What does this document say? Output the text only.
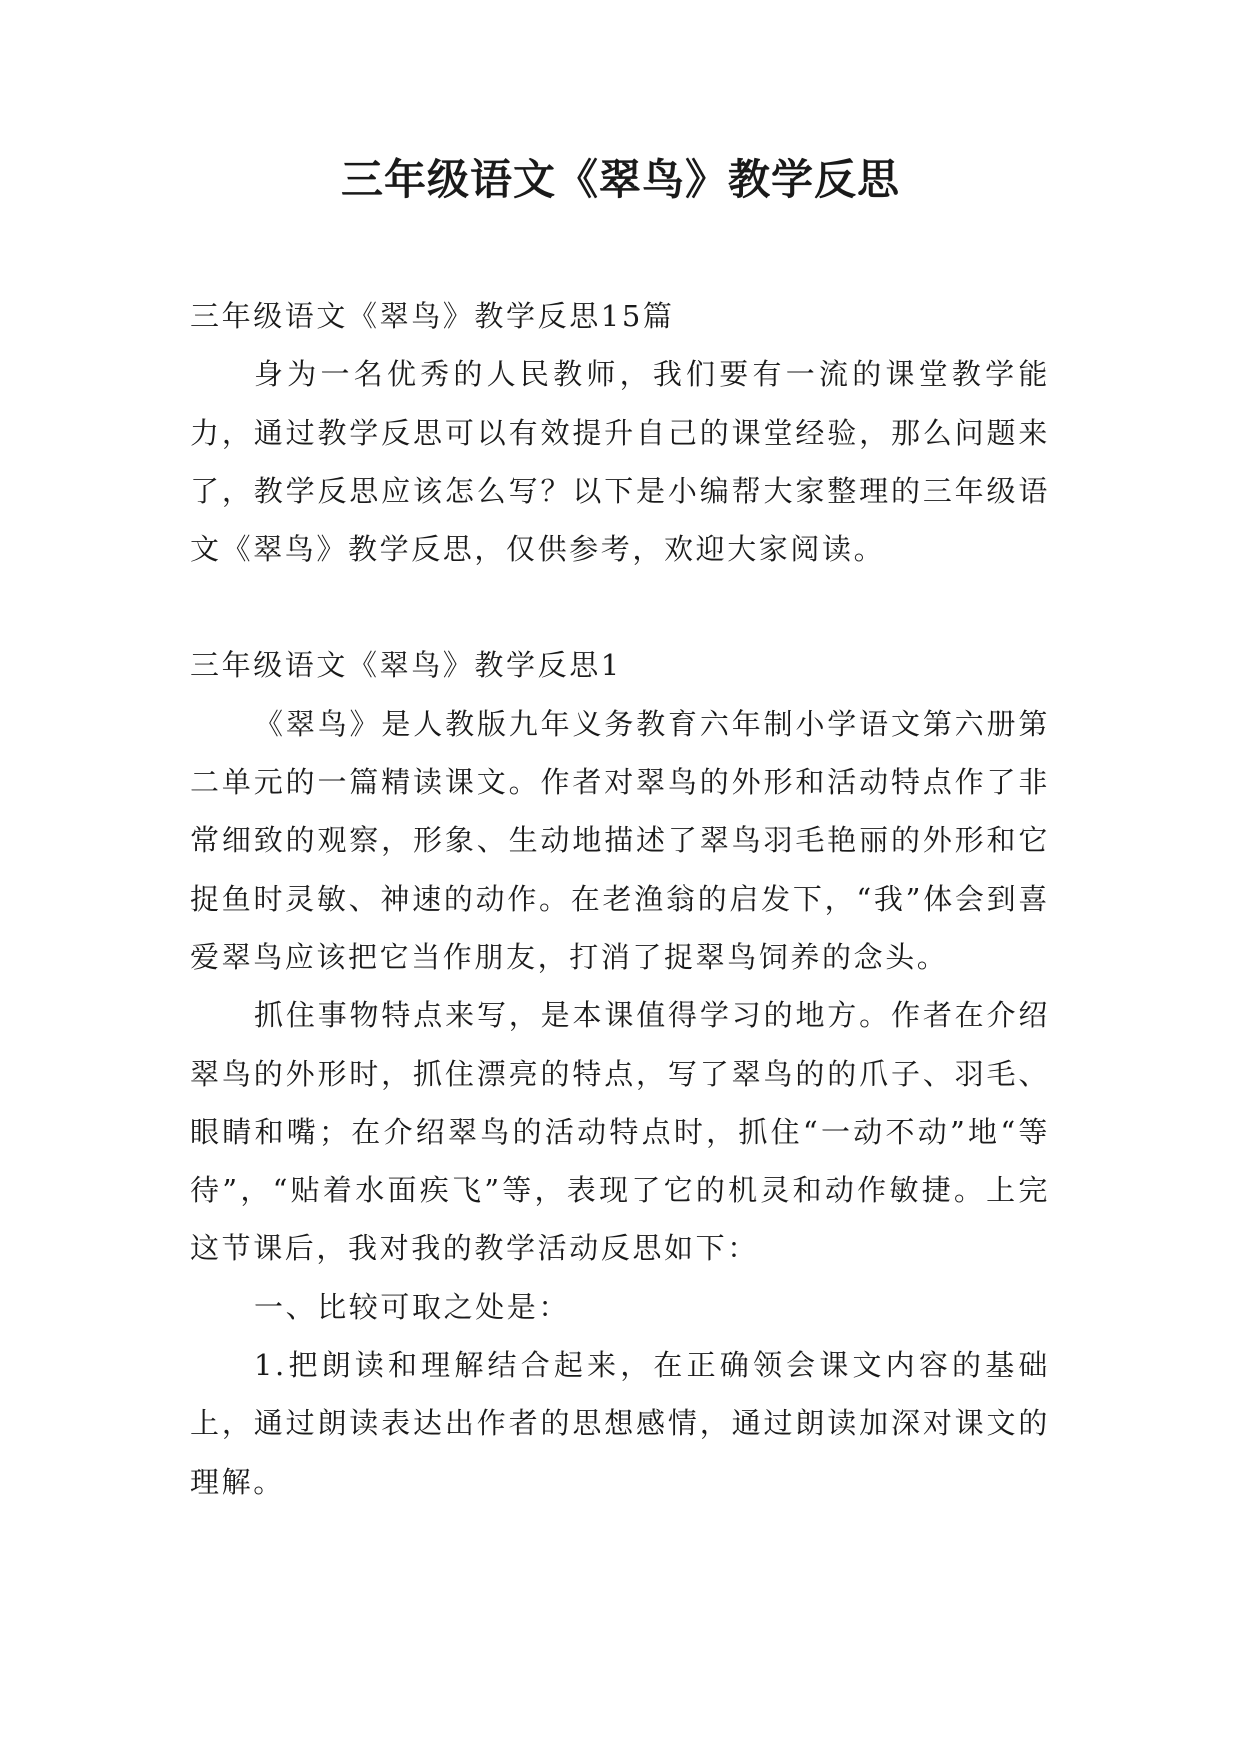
三年级语文《翠鸟》教学反思

三年级语文《翠鸟》教学反思15篇

身为一名优秀的人民教师，我们要有一流的课堂教学能力，通过教学反思可以有效提升自己的课堂经验，那么问题来了，教学反思应该怎么写？以下是小编帮大家整理的三年级语文《翠鸟》教学反思，仅供参考，欢迎大家阅读。

三年级语文《翠鸟》教学反思1

《翠鸟》是人教版九年义务教育六年制小学语文第六册第二单元的一篇精读课文。作者对翠鸟的外形和活动特点作了非常细致的观察，形象、生动地描述了翠鸟羽毛艳丽的外形和它捉鱼时灵敏、神速的动作。在老渔翁的启发下，“我”体会到喜爱翠鸟应该把它当作朋友，打消了捉翠鸟饲养的念头。

抓住事物特点来写，是本课值得学习的地方。作者在介绍翠鸟的外形时，抓住漂亮的特点，写了翠鸟的的爪子、羽毛、眼睛和嘴；在介绍翠鸟的活动特点时，抓住“一动不动”地“等待”，“贴着水面疾飞”等，表现了它的机灵和动作敏捷。上完这节课后，我对我的教学活动反思如下：

一、比较可取之处是：

1.把朗读和理解结合起来，在正确领会课文内容的基础上，通过朗读表达出作者的思想感情，通过朗读加深对课文的理解。
